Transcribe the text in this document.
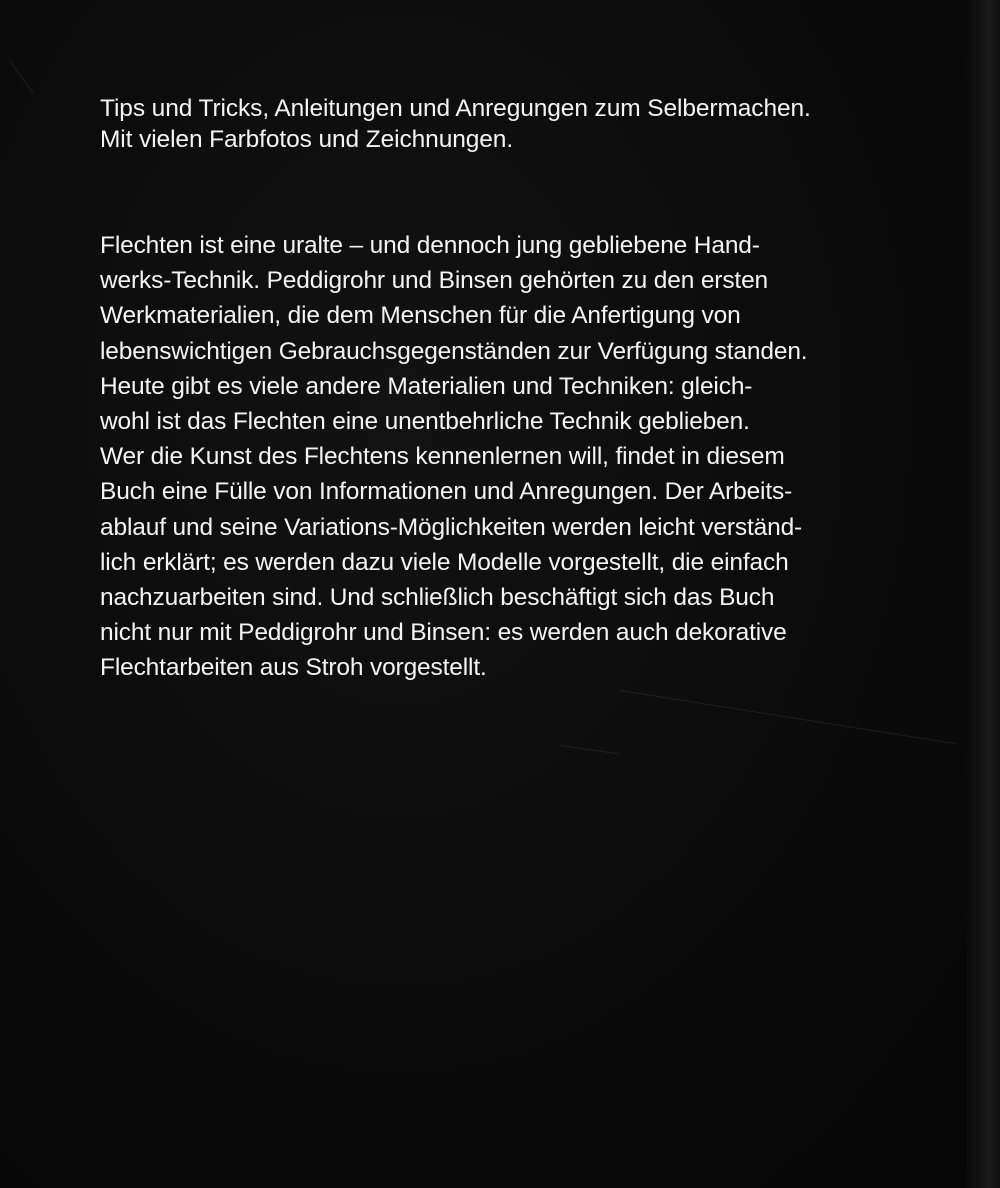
Tips und Tricks, Anleitungen und Anregungen zum Selbermachen.
Mit vielen Farbfotos und Zeichnungen.

Flechten ist eine uralte – und dennoch jung gebliebene Hand-
werks-Technik. Peddigrohr und Binsen gehörten zu den ersten
Werkmaterialien, die dem Menschen für die Anfertigung von
lebenswichtigen Gebrauchsgegenständen zur Verfügung standen.
Heute gibt es viele andere Materialien und Techniken: gleich-
wohl ist das Flechten eine unentbehrliche Technik geblieben.
Wer die Kunst des Flechtens kennenlernen will, findet in diesem
Buch eine Fülle von Informationen und Anregungen. Der Arbeits-
ablauf und seine Variations-Möglichkeiten werden leicht verständ-
lich erklärt; es werden dazu viele Modelle vorgestellt, die einfach
nachzuarbeiten sind. Und schließlich beschäftigt sich das Buch
nicht nur mit Peddigrohr und Binsen: es werden auch dekorative
Flechtarbeiten aus Stroh vorgestellt.
